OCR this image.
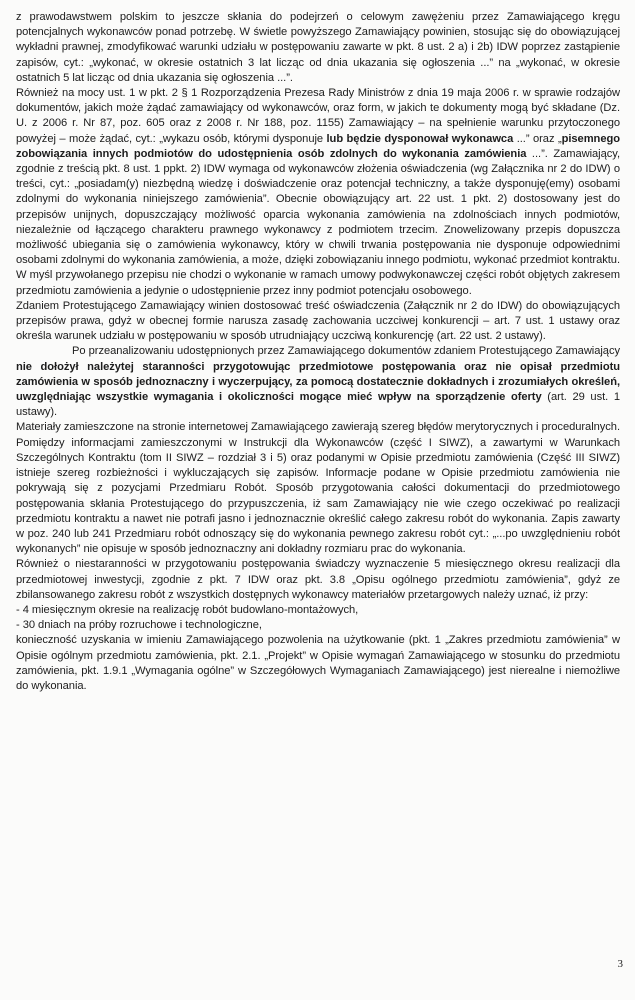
z prawodawstwem polskim to jeszcze skłania do podejrzeń o celowym zawężeniu przez Zamawiającego kręgu potencjalnych wykonawców ponad potrzebę. W świetle powyższego Zamawiający powinien, stosując się do obowiązującej wykładni prawnej, zmodyfikować warunki udziału w postępowaniu zawarte w pkt. 8 ust. 2 a) i 2b) IDW poprzez zastąpienie zapisów, cyt.: „wykonać, w okresie ostatnich 3 lat licząc od dnia ukazania się ogłoszenia ...” na „wykonać, w okresie ostatnich 5 lat licząc od dnia ukazania się ogłoszenia ...”.

Również na mocy ust. 1 w pkt. 2 § 1 Rozporządzenia Prezesa Rady Ministrów z dnia 19 maja 2006 r. w sprawie rodzajów dokumentów, jakich może żądać zamawiający od wykonawców, oraz form, w jakich te dokumenty mogą być składane (Dz. U. z 2006 r. Nr 87, poz. 605 oraz z 2008 r. Nr 188, poz. 1155) Zamawiający – na spełnienie warunku przytoczonego powyżej – może żądać, cyt.: „wykazu osób, którymi dysponuje lub będzie dysponował wykonawca ...” oraz „pisemnego zobowiązania innych podmiotów do udostępnienia osób zdolnych do wykonania zamówienia ...”. Zamawiający, zgodnie z treścią pkt. 8 ust. 1 ppkt. 2) IDW wymaga od wykonawców złożenia oświadczenia (wg Załącznika nr 2 do IDW) o treści, cyt.: „posiadam(y) niezbędną wiedzę i doświadczenie oraz potencjał techniczny, a także dysponuję(emy) osobami zdolnymi do wykonania niniejszego zamówienia”. Obecnie obowiązujący art. 22 ust. 1 pkt. 2) dostosowany jest do przepisów unijnych, dopuszczający możliwość oparcia wykonania zamówienia na zdolnościach innych podmiotów, niezależnie od łączącego charakteru prawnego wykonawcy z podmiotem trzecim. Znowelizowany przepis dopuszcza możliwość ubiegania się o zamówienia wykonawcy, który w chwili trwania postępowania nie dysponuje odpowiednimi osobami zdolnymi do wykonania zamówienia, a może, dzięki zobowiązaniu innego podmiotu, wykonać przedmiot kontraktu. W myśl przywołanego przepisu nie chodzi o wykonanie w ramach umowy podwykonawczej części robót objętych zakresem przedmiotu zamówienia a jedynie o udostępnienie przez inny podmiot potencjału osobowego.

Zdaniem Protestującego Zamawiający winien dostosować treść oświadczenia (Załącznik nr 2 do IDW) do obowiązujących przepisów prawa, gdyż w obecnej formie narusza zasadę zachowania uczciwej konkurencji – art. 7 ust. 1 ustawy oraz określa warunek udziału w postępowaniu w sposób utrudniający uczciwą konkurencję (art. 22 ust. 2 ustawy).

Po przeanalizowaniu udostępnionych przez Zamawiającego dokumentów zdaniem Protestującego Zamawiający nie dołożył należytej staranności przygotowując przedmiotowe postępowania oraz nie opisał przedmiotu zamówienia w sposób jednoznaczny i wyczerpujący, za pomocą dostatecznie dokładnych i zrozumiałych określeń, uwzględniając wszystkie wymagania i okoliczności mogące mieć wpływ na sporządzenie oferty (art. 29 ust. 1 ustawy).

Materiały zamieszczone na stronie internetowej Zamawiającego zawierają szereg błędów merytorycznych i proceduralnych. Pomiędzy informacjami zamieszczonymi w Instrukcji dla Wykonawców (część I SIWZ), a zawartymi w Warunkach Szczególnych Kontraktu (tom II SIWZ – rozdział 3 i 5) oraz podanymi w Opisie przedmiotu zamówienia (Część III SIWZ) istnieje szereg rozbieżności i wykluczających się zapisów. Informacje podane w Opisie przedmiotu zamówienia nie pokrywają się z pozycjami Przedmiaru Robót. Sposób przygotowania całości dokumentacji do przedmiotowego postępowania skłania Protestującego do przypuszczenia, iż sam Zamawiający nie wie czego oczekiwać po realizacji przedmiotu kontraktu a nawet nie potrafi jasno i jednoznacznie określić całego zakresu robót do wykonania. Zapis zawarty w poz. 240 lub 241 Przedmiaru robót odnoszący się do wykonania pewnego zakresu robót cyt.: „...po uwzględnieniu robót wykonanych” nie opisuje w sposób jednoznaczny ani dokładny rozmiaru prac do wykonania.

Również o niestaranności w przygotowaniu postępowania świadczy wyznaczenie 5 miesięcznego okresu realizacji dla przedmiotowej inwestycji, zgodnie z pkt. 7 IDW oraz pkt. 3.8 „Opisu ogólnego przedmiotu zamówienia”, gdyż ze zbilansowanego zakresu robót z wszystkich dostępnych wykonawcy materiałów przetargowych należy uznać, iż przy:

- 4 miesięcznym okresie na realizację robót budowlano-montażowych,

- 30 dniach na próby rozruchowe i technologiczne,

konieczność uzyskania w imieniu Zamawiającego pozwolenia na użytkowanie (pkt. 1 „Zakres przedmiotu zamówienia” w Opisie ogólnym przedmiotu zamówienia, pkt. 2.1. „Projekt” w Opisie wymagań Zamawiającego w stosunku do przedmiotu zamówienia, pkt. 1.9.1 „Wymagania ogólne” w Szczegółowych Wymaganiach Zamawiającego) jest nierealne i niemożliwe do wykonania.

3
